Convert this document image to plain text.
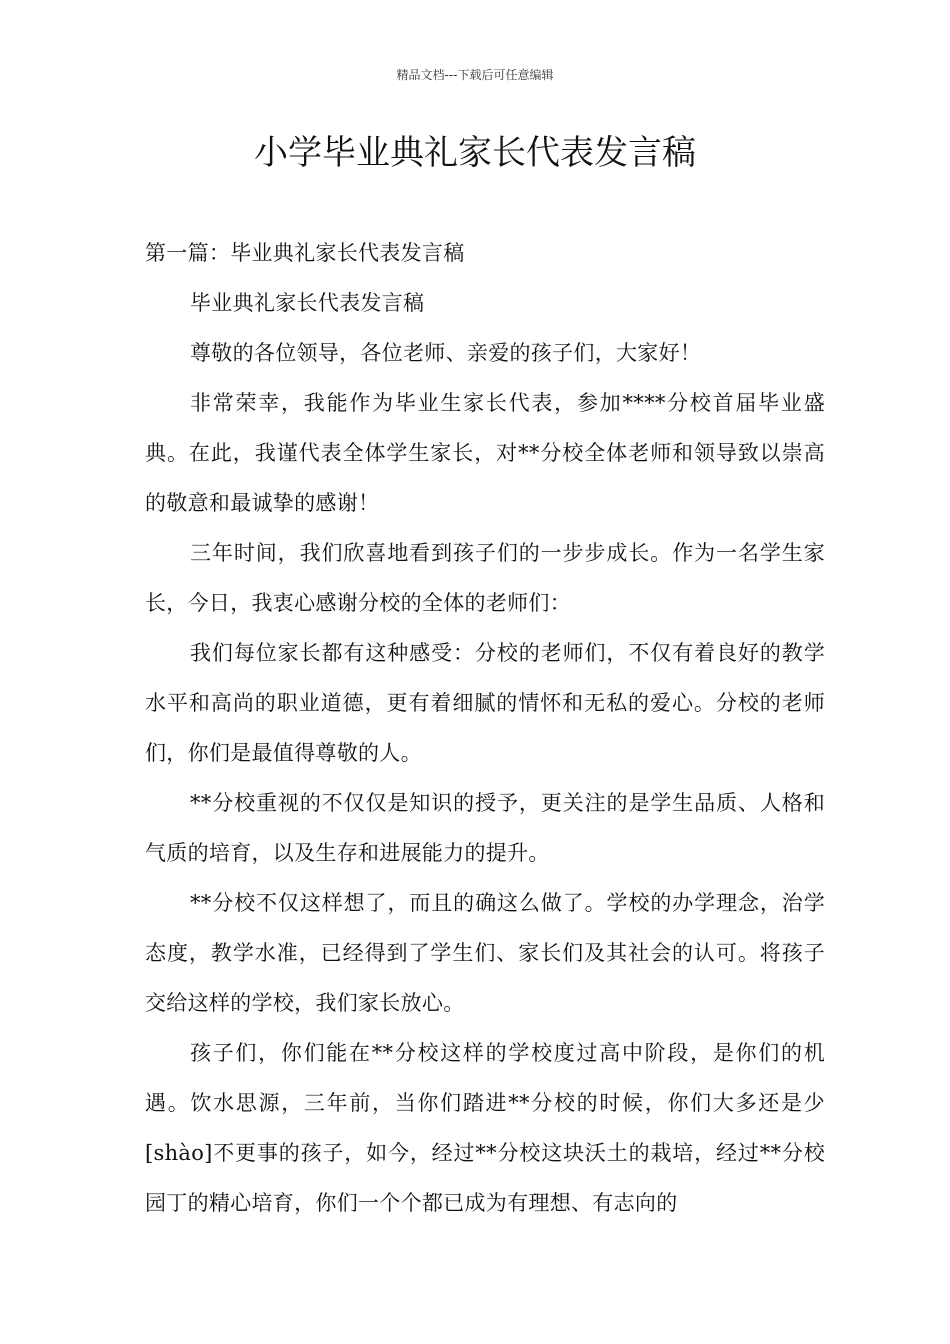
精品文档---下载后可任意编辑
小学毕业典礼家长代表发言稿

第一篇：毕业典礼家长代表发言稿

毕业典礼家长代表发言稿

尊敬的各位领导，各位老师、亲爱的孩子们，大家好！

非常荣幸，我能作为毕业生家长代表，参加****分校首届毕业盛典。在此，我谨代表全体学生家长，对**分校全体老师和领导致以崇高的敬意和最诚挚的感谢！

三年时间，我们欣喜地看到孩子们的一步步成长。作为一名学生家长，今日，我衷心感谢分校的全体的老师们：

我们每位家长都有这种感受：分校的老师们，不仅有着良好的教学水平和高尚的职业道德，更有着细腻的情怀和无私的爱心。分校的老师们，你们是最值得尊敬的人。

**分校重视的不仅仅是知识的授予，更关注的是学生品质、人格和气质的培育，以及生存和进展能力的提升。

**分校不仅这样想了，而且的确这么做了。学校的办学理念，治学态度，教学水准，已经得到了学生们、家长们及其社会的认可。将孩子交给这样的学校，我们家长放心。

孩子们，你们能在**分校这样的学校度过高中阶段，是你们的机遇。饮水思源，三年前，当你们踏进**分校的时候，你们大多还是少[shào]不更事的孩子，如今，经过**分校这块沃土的栽培，经过**分校园丁的精心培育，你们一个个都已成为有理想、有志向的
